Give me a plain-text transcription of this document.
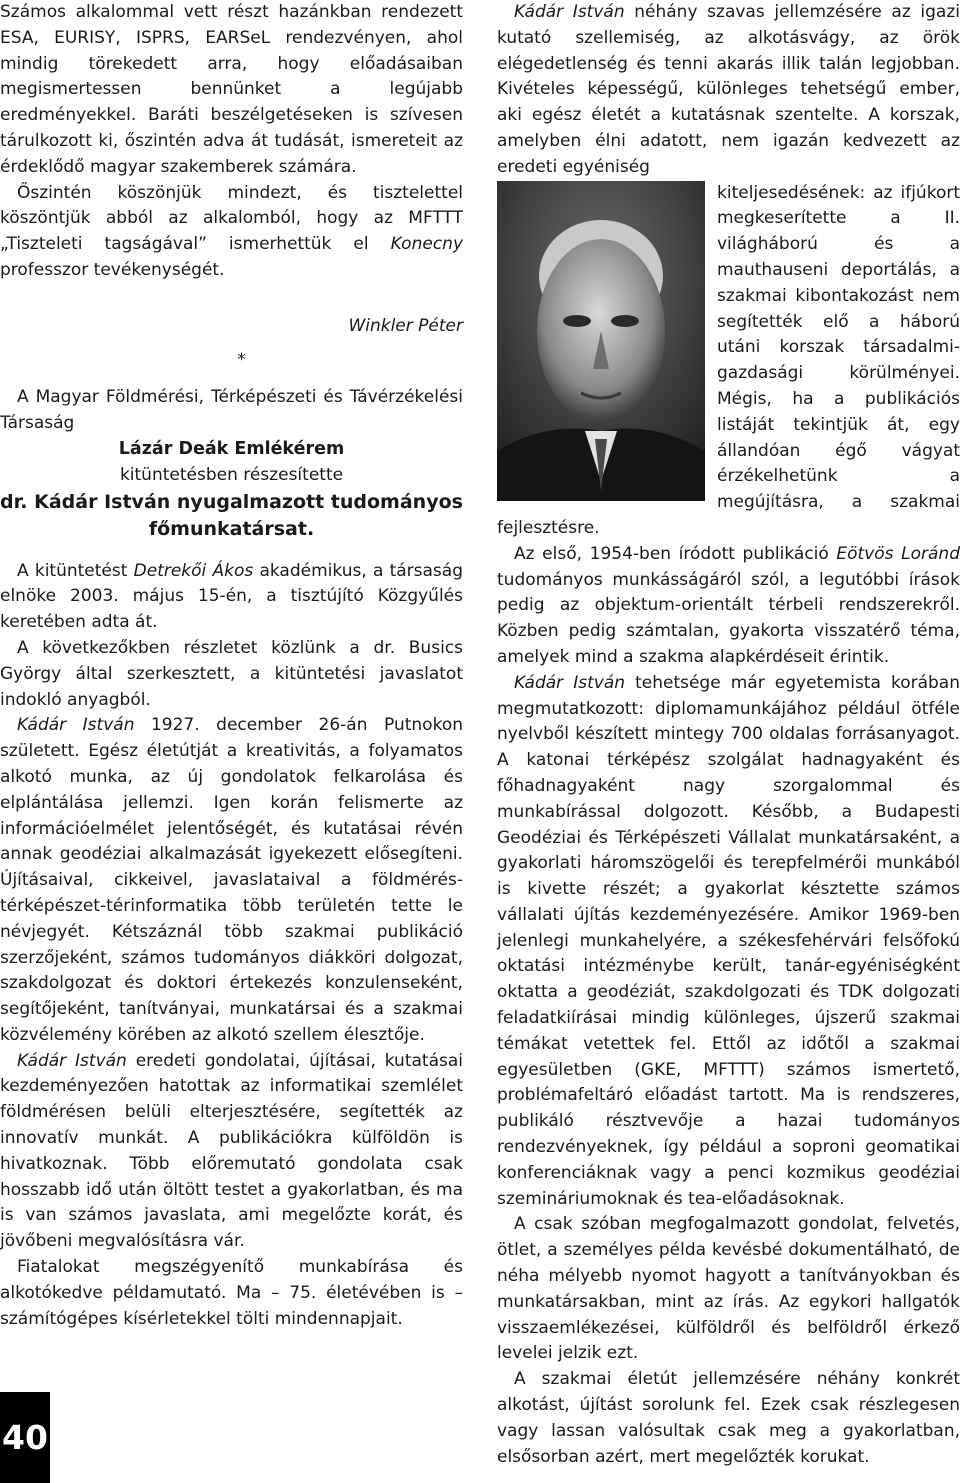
Számos alkalommal vett részt hazánkban rendezett ESA, EURISY, ISPRS, EARSeL rendezvényen, ahol mindig törekedett arra, hogy előadásaiban megismertessen bennünket a legújabb eredményekkel. Baráti beszélgetéseken is szívesen tárulkozott ki, őszintén adva át tudását, ismereteit az érdeklődő magyar szakemberek számára.

Őszintén köszönjük mindezt, és tisztelettel köszöntjük abból az alkalomból, hogy az MFTTT „Tiszteleti tagságával” ismerhettük el Konecny professzor tevékenységét.

Winkler Péter
*

A Magyar Földmérési, Térképészeti és Távérzékelési Társaság

Lázár Deák Emlékérem

kitüntetésben részesítette

dr. Kádár István nyugalmazott tudományos főmunkatársat.

A kitüntetést Detrekői Ákos akadémikus, a társaság elnöke 2003. május 15-én, a tisztújító Közgyűlés keretében adta át.

A következőkben részletet közlünk a dr. Busics György által szerkesztett, a kitüntetési javaslatot indokló anyagból.

Kádár István 1927. december 26-án Putnokon született. Egész életútját a kreativitás, a folyamatos alkotó munka, az új gondolatok felkarolása és elplántálása jellemzi. Igen korán felismerte az információelmélet jelentőségét, és kutatásai révén annak geodéziai alkalmazását igyekezett elősegíteni. Újításaival, cikkeivel, javaslataival a földmérés-térképészet-térinformatika több területén tette le névjegyét. Kétszáznál több szakmai publikáció szerzőjeként, számos tudományos diákköri dolgozat, szakdolgozat és doktori értekezés konzulenseként, segítőjeként, tanítványai, munkatársai és a szakmai közvélemény körében az alkotó szellem élesztője.

Kádár István eredeti gondolatai, újításai, kutatásai kezdeményezően hatottak az informatikai szemlélet földmérésen belüli elterjesztésére, segítették az innovatív munkát. A publikációkra külföldön is hivatkoznak. Több előremutató gondolata csak hosszabb idő után öltött testet a gyakorlatban, és ma is van számos javaslata, ami megelőzte korát, és jövőbeni megvalósításra vár.

Fiatalokat megszégyenítő munkabírása és alkotókedve példamutató. Ma – 75. életévében is – számítógépes kísérletekkel tölti mindennapjait.

Kádár István néhány szavas jellemzésére az igazi kutató szellemiség, az alkotásvágy, az örök elégedetlenség és tenni akarás illik talán legjobban. Kivételes képességű, különleges tehetségű ember, aki egész életét a kutatásnak szentelte. A korszak, amelyben élni adatott, nem igazán kedvezett az eredeti egyéniség

kiteljesedésének: az ifjúkort megkeserítette a II. világháború és a mauthauseni deportálás, a szakmai kibontakozást nem segítették elő a háború utáni korszak társadalmi-gazdasági körülményei. Mégis, ha a publikációs listáját tekintjük át, egy állandóan égő vágyat érzékelhetünk a megújításra, a szakmai fejlesztésre.

Az első, 1954-ben íródott publikáció Eötvös Loránd tudományos munkásságáról szól, a legutóbbi írások pedig az objektum-orientált térbeli rendszerekről. Közben pedig számtalan, gyakorta visszatérő téma, amelyek mind a szakma alapkérdéseit érintik.

Kádár István tehetsége már egyetemista korában megmutatkozott: diplomamunkájához például ötféle nyelvből készített mintegy 700 oldalas forrásanyagot. A katonai térképész szolgálat hadnagyaként és főhadnagyaként nagy szorgalommal és munkabírással dolgozott. Később, a Budapesti Geodéziai és Térképészeti Vállalat munkatársaként, a gyakorlati háromszögelői és terepfelmérői munkából is kivette részét; a gyakorlat késztette számos vállalati újítás kezdeményezésére. Amikor 1969-ben jelenlegi munkahelyére, a székesfehérvári felsőfokú oktatási intézménybe került, tanár-egyéniségként oktatta a geodéziát, szakdolgozati és TDK dolgozati feladatkiírásai mindig különleges, újszerű szakmai témákat vetettek fel. Ettől az időtől a szakmai egyesületben (GKE, MFTTT) számos ismertető, problémafeltáró előadást tartott. Ma is rendszeres, publikáló résztvevője a hazai tudományos rendezvényeknek, így például a soproni geomatikai konferenciáknak vagy a penci kozmikus geodéziai szemináriumoknak és tea-előadásoknak.

A csak szóban megfogalmazott gondolat, felvetés, ötlet, a személyes példa kevésbé dokumentálható, de néha mélyebb nyomot hagyott a tanítványokban és munkatársakban, mint az írás. Az egykori hallgatók visszaemlékezései, külföldről és belföldről érkező levelei jelzik ezt.

A szakmai életút jellemzésére néhány konkrét alkotást, újítást sorolunk fel. Ezek csak részlegesen vagy lassan valósultak csak meg a gyakorlatban, elsősorban azért, mert megelőzték korukat.

40
